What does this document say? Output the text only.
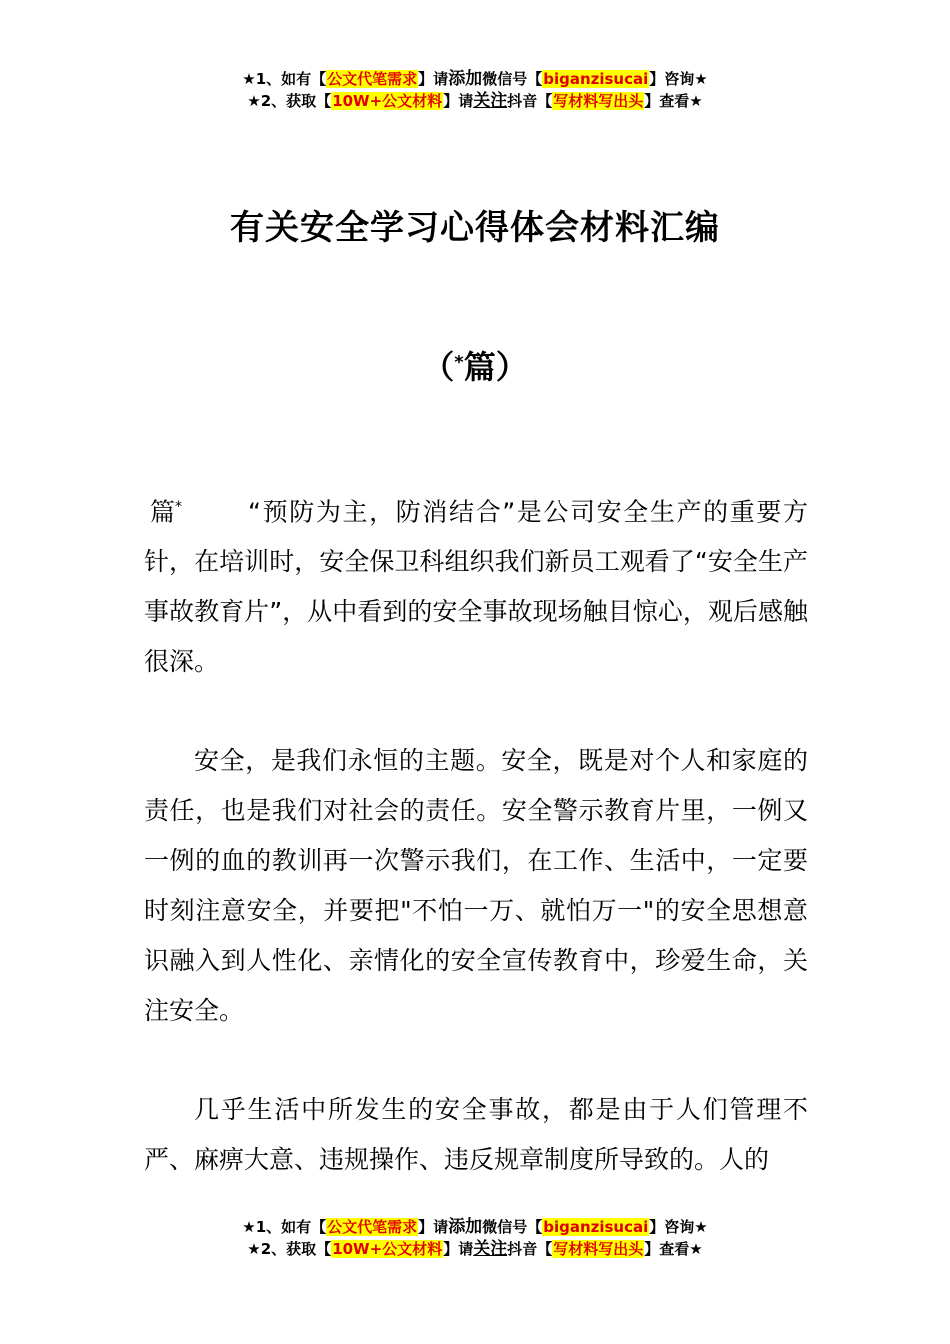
★1、如有【公文代笔需求】请添加微信号【biganzisucai】咨询★
★2、获取【10W+公文材料】请关注抖音【写材料写出头】查看★
有关安全学习心得体会材料汇编
（*篇）

篇*	“预防为主，防消结合”是公司安全生产的重要方针，在培训时，安全保卫科组织我们新员工观看了“安全生产事故教育片”，从中看到的安全事故现场触目惊心，观后感触很深。

安全，是我们永恒的主题。安全，既是对个人和家庭的责任，也是我们对社会的责任。安全警示教育片里，一例又一例的血的教训再一次警示我们，在工作、生活中，一定要时刻注意安全，并要把"不怕一万、就怕万一"的安全思想意识融入到人性化、亲情化的安全宣传教育中，珍爱生命，关注安全。

几乎生活中所发生的安全事故，都是由于人们管理不严、麻痹大意、违规操作、违反规章制度所导致的。人的

★1、如有【公文代笔需求】请添加微信号【biganzisucai】咨询★
★2、获取【10W+公文材料】请关注抖音【写材料写出头】查看★
